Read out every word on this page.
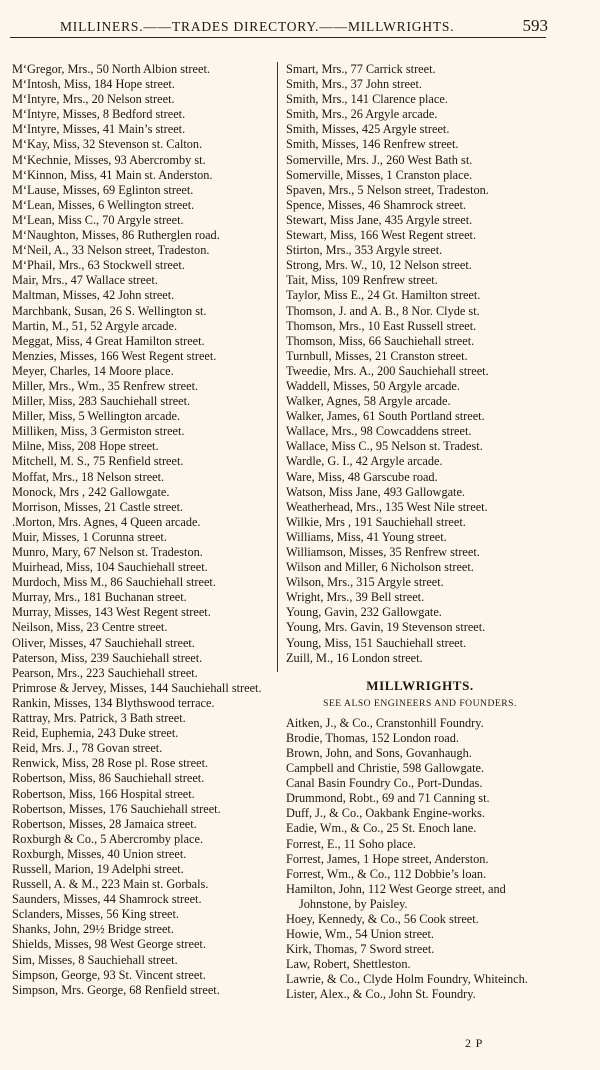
MILLINERS.——TRADES DIRECTORY.——MILLWRIGHTS.	593
M‘Gregor, Mrs., 50 North Albion street.
M‘Intosh, Miss, 184 Hope street.
M‘Intyre, Mrs., 20 Nelson street.
M‘Intyre, Misses, 8 Bedford street.
M‘Intyre, Misses, 41 Main’s street.
M‘Kay, Miss, 32 Stevenson st. Calton.
M‘Kechnie, Misses, 93 Abercromby st.
M‘Kinnon, Miss, 41 Main st. Anderston.
M‘Lause, Misses, 69 Eglinton street.
M‘Lean, Misses, 6 Wellington street.
M‘Lean, Miss C., 70 Argyle street.
M‘Naughton, Misses, 86 Rutherglen road.
M‘Neil, A., 33 Nelson street, Tradeston.
M‘Phail, Mrs., 63 Stockwell street.
Mair, Mrs., 47 Wallace street.
Maltman, Misses, 42 John street.
Marchbank, Susan, 26 S. Wellington st.
Martin, M., 51, 52 Argyle arcade.
Meggat, Miss, 4 Great Hamilton street.
Menzies, Misses, 166 West Regent street.
Meyer, Charles, 14 Moore place.
Miller, Mrs., Wm., 35 Renfrew street.
Miller, Miss, 283 Sauchiehall street.
Miller, Miss, 5 Wellington arcade.
Milliken, Miss, 3 Germiston street.
Milne, Miss, 208 Hope street.
Mitchell, M. S., 75 Renfield street.
Moffat, Mrs., 18 Nelson street.
Monock, Mrs , 242 Gallowgate.
Morrison, Misses, 21 Castle street.
.Morton, Mrs. Agnes, 4 Queen arcade.
Muir, Misses, 1 Corunna street.
Munro, Mary, 67 Nelson st. Tradeston.
Muirhead, Miss, 104 Sauchiehall street.
Murdoch, Miss M., 86 Sauchiehall street.
Murray, Mrs., 181 Buchanan street.
Murray, Misses, 143 West Regent street.
Neilson, Miss, 23 Centre street.
Oliver, Misses, 47 Sauchiehall street.
Paterson, Miss, 239 Sauchiehall street.
Pearson, Mrs., 223 Sauchiehall street.
Primrose & Jervey, Misses, 144 Sauchiehall street.
Rankin, Misses, 134 Blythswood terrace.
Rattray, Mrs. Patrick, 3 Bath street.
Reid, Euphemia, 243 Duke street.
Reid, Mrs. J., 78 Govan street.
Renwick, Miss, 28 Rose pl. Rose street.
Robertson, Miss, 86 Sauchiehall street.
Robertson, Miss, 166 Hospital street.
Robertson, Misses, 176 Sauchiehall street.
Robertson, Misses, 28 Jamaica street.
Roxburgh & Co., 5 Abercromby place.
Roxburgh, Misses, 40 Union street.
Russell, Marion, 19 Adelphi street.
Russell, A. & M., 223 Main st. Gorbals.
Saunders, Misses, 44 Shamrock street.
Sclanders, Misses, 56 King street.
Shanks, John, 29½ Bridge street.
Shields, Misses, 98 West George street.
Sim, Misses, 8 Sauchiehall street.
Simpson, George, 93 St. Vincent street.
Simpson, Mrs. George, 68 Renfield street.
Smart, Mrs., 77 Carrick street.
Smith, Mrs., 37 John street.
Smith, Mrs., 141 Clarence place.
Smith, Mrs., 26 Argyle arcade.
Smith, Misses, 425 Argyle street.
Smith, Misses, 146 Renfrew street.
Somerville, Mrs. J., 260 West Bath st.
Somerville, Misses, 1 Cranston place.
Spaven, Mrs., 5 Nelson street, Tradeston.
Spence, Misses, 46 Shamrock street.
Stewart, Miss Jane, 435 Argyle street.
Stewart, Miss, 166 West Regent street.
Stirton, Mrs., 353 Argyle street.
Strong, Mrs. W., 10, 12 Nelson street.
Tait, Miss, 109 Renfrew street.
Taylor, Miss E., 24 Gt. Hamilton street.
Thomson, J. and A. B., 8 Nor. Clyde st.
Thomson, Mrs., 10 East Russell street.
Thomson, Miss, 66 Sauchiehall street.
Turnbull, Misses, 21 Cranston street.
Tweedie, Mrs. A., 200 Sauchiehall street.
Waddell, Misses, 50 Argyle arcade.
Walker, Agnes, 58 Argyle arcade.
Walker, James, 61 South Portland street.
Wallace, Mrs., 98 Cowcaddens street.
Wallace, Miss C., 95 Nelson st. Tradest.
Wardle, G. I., 42 Argyle arcade.
Ware, Miss, 48 Garscube road.
Watson, Miss Jane, 493 Gallowgate.
Weatherhead, Mrs., 135 West Nile street.
Wilkie, Mrs , 191 Sauchiehall street.
Williams, Miss, 41 Young street.
Williamson, Misses, 35 Renfrew street.
Wilson and Miller, 6 Nicholson street.
Wilson, Mrs., 315 Argyle street.
Wright, Mrs., 39 Bell street.
Young, Gavin, 232 Gallowgate.
Young, Mrs. Gavin, 19 Stevenson street.
Young, Miss, 151 Sauchiehall street.
Zuill, M., 16 London street.
MILLWRIGHTS.
SEE ALSO ENGINEERS AND FOUNDERS.
Aitken, J., & Co., Cranstonhill Foundry.
Brodie, Thomas, 152 London road.
Brown, John, and Sons, Govanhaugh.
Campbell and Christie, 598 Gallowgate.
Canal Basin Foundry Co., Port-Dundas.
Drummond, Robt., 69 and 71 Canning st.
Duff, J., & Co., Oakbank Engine-works.
Eadie, Wm., & Co., 25 St. Enoch lane.
Forrest, E., 11 Soho place.
Forrest, James, 1 Hope street, Anderston.
Forrest, Wm., & Co., 112 Dobbie’s loan.
Hamilton, John, 112 West George street, and Johnstone, by Paisley.
Hoey, Kennedy, & Co., 56 Cook street.
Howie, Wm., 54 Union street.
Kirk, Thomas, 7 Sword street.
Law, Robert, Shettleston.
Lawrie, & Co., Clyde Holm Foundry, Whiteinch.
Lister, Alex., & Co., John St. Foundry.
2 P
